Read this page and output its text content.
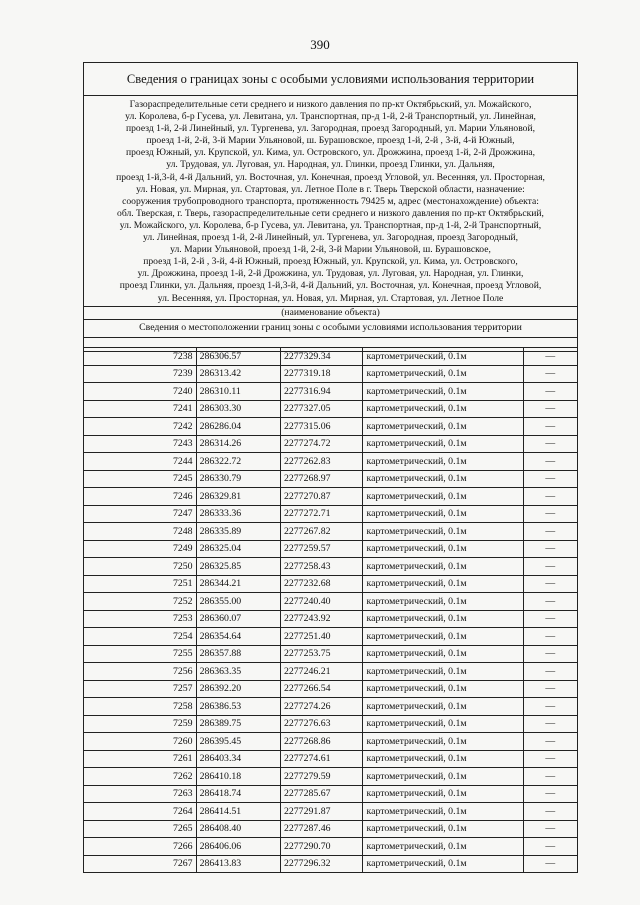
390
Сведения о границах зоны с особыми условиями использования территории
Газораспределительные сети среднего и низкого давления по пр-кт Октябрьский, ул. Можайского,
ул. Королева, б-р Гусева, ул. Левитана, ул. Транспортная, пр-д 1-й, 2-й Транспортный, ул. Линейная,
проезд 1-й, 2-й Линейный, ул. Тургенева, ул. Загородная, проезд Загородный, ул. Марии Ульяновой,
проезд 1-й, 2-й, 3-й Марии Ульяновой, ш. Бурашовское, проезд 1-й, 2-й , 3-й, 4-й Южный,
проезд Южный, ул. Крупской, ул. Кима, ул. Островского, ул. Дрожжина, проезд 1-й, 2-й Дрожжина,
ул. Трудовая, ул. Луговая, ул. Народная, ул. Глинки, проезд Глинки, ул. Дальняя,
проезд 1-й,3-й, 4-й Дальний, ул. Восточная, ул. Конечная, проезд Угловой, ул. Весенняя, ул. Просторная,
ул. Новая, ул. Мирная, ул. Стартовая, ул. Летное Поле в г. Тверь Тверской области, назначение:
сооружения трубопроводного транспорта, протяженность 79425 м, адрес (местонахождение) объекта:
обл. Тверская, г. Тверь, газораспределительные сети среднего и низкого давления по пр-кт Октябрьский,
ул. Можайского, ул. Королева, б-р Гусева, ул. Левитана, ул. Транспортная, пр-д 1-й, 2-й Транспортный,
ул. Линейная, проезд 1-й, 2-й Линейный, ул. Тургенева, ул. Загородная, проезд Загородный,
ул. Марии Ульяновой, проезд 1-й, 2-й, 3-й Марии Ульяновой, ш. Бурашовское,
проезд 1-й, 2-й , 3-й, 4-й Южный, проезд Южный, ул. Крупской, ул. Кима, ул. Островского,
ул. Дрожжина, проезд 1-й, 2-й Дрожжина, ул. Трудовая, ул. Луговая, ул. Народная, ул. Глинки,
проезд Глинки, ул. Дальняя, проезд 1-й,3-й, 4-й Дальний, ул. Восточная, ул. Конечная, проезд Угловой,
ул. Весенняя, ул. Просторная, ул. Новая, ул. Мирная, ул. Стартовая, ул. Летное Поле
(наименование объекта)
Сведения о местоположении границ зоны с особыми условиями использования территории
7238	286306.57	2277329.34	картометрический, 0.1м	—
7239	286313.42	2277319.18	картометрический, 0.1м	—
7240	286310.11	2277316.94	картометрический, 0.1м	—
7241	286303.30	2277327.05	картометрический, 0.1м	—
7242	286286.04	2277315.06	картометрический, 0.1м	—
7243	286314.26	2277274.72	картометрический, 0.1м	—
7244	286322.72	2277262.83	картометрический, 0.1м	—
7245	286330.79	2277268.97	картометрический, 0.1м	—
7246	286329.81	2277270.87	картометрический, 0.1м	—
7247	286333.36	2277272.71	картометрический, 0.1м	—
7248	286335.89	2277267.82	картометрический, 0.1м	—
7249	286325.04	2277259.57	картометрический, 0.1м	—
7250	286325.85	2277258.43	картометрический, 0.1м	—
7251	286344.21	2277232.68	картометрический, 0.1м	—
7252	286355.00	2277240.40	картометрический, 0.1м	—
7253	286360.07	2277243.92	картометрический, 0.1м	—
7254	286354.64	2277251.40	картометрический, 0.1м	—
7255	286357.88	2277253.75	картометрический, 0.1м	—
7256	286363.35	2277246.21	картометрический, 0.1м	—
7257	286392.20	2277266.54	картометрический, 0.1м	—
7258	286386.53	2277274.26	картометрический, 0.1м	—
7259	286389.75	2277276.63	картометрический, 0.1м	—
7260	286395.45	2277268.86	картометрический, 0.1м	—
7261	286403.34	2277274.61	картометрический, 0.1м	—
7262	286410.18	2277279.59	картометрический, 0.1м	—
7263	286418.74	2277285.67	картометрический, 0.1м	—
7264	286414.51	2277291.87	картометрический, 0.1м	—
7265	286408.40	2277287.46	картометрический, 0.1м	—
7266	286406.06	2277290.70	картометрический, 0.1м	—
7267	286413.83	2277296.32	картометрический, 0.1м	—
